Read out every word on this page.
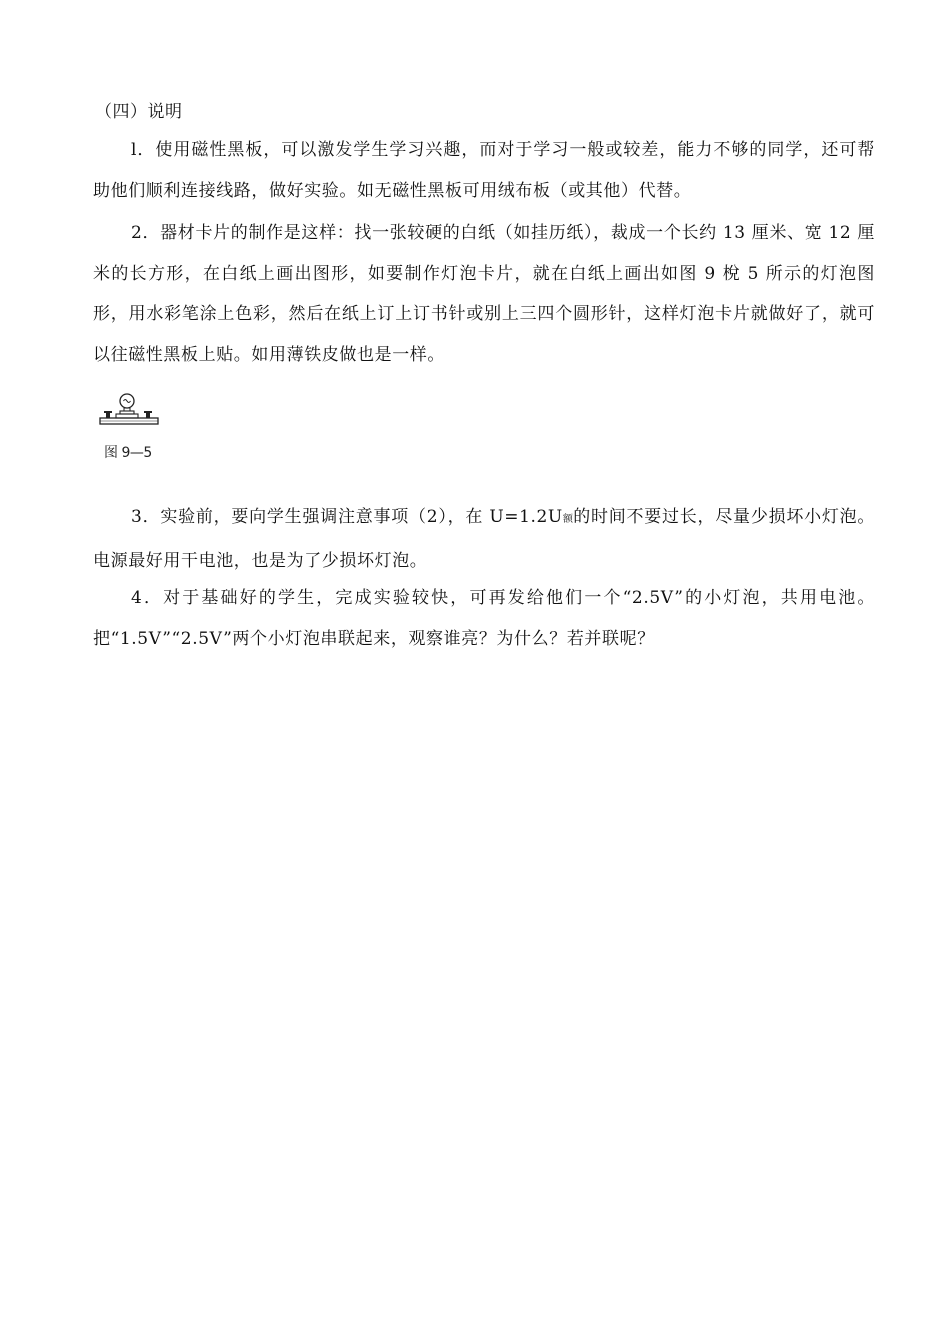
（四）说明

l．使用磁性黑板，可以激发学生学习兴趣，而对于学习一般或较差，能力不够的同学，还可帮助他们顺利连接线路，做好实验。如无磁性黑板可用绒布板（或其他）代替。

2．器材卡片的制作是这样：找一张较硬的白纸（如挂历纸），裁成一个长约 13 厘米、宽 12 厘米的长方形，在白纸上画出图形，如要制作灯泡卡片，就在白纸上画出如图 9 梲 5 所示的灯泡图形，用水彩笔涂上色彩，然后在纸上订上订书针或别上三四个圆形针，这样灯泡卡片就做好了，就可以往磁性黑板上贴。如用薄铁皮做也是一样。

图 9—5

3．实验前，要向学生强调注意事项（2），在 U=1.2U额的时间不要过长，尽量少损坏小灯泡。电源最好用干电池，也是为了少损坏灯泡。

4．对于基础好的学生，完成实验较快，可再发给他们一个“2.5V”的小灯泡，共用电池。把“1.5V”“2.5V”两个小灯泡串联起来，观察谁亮？为什么？若并联呢？
